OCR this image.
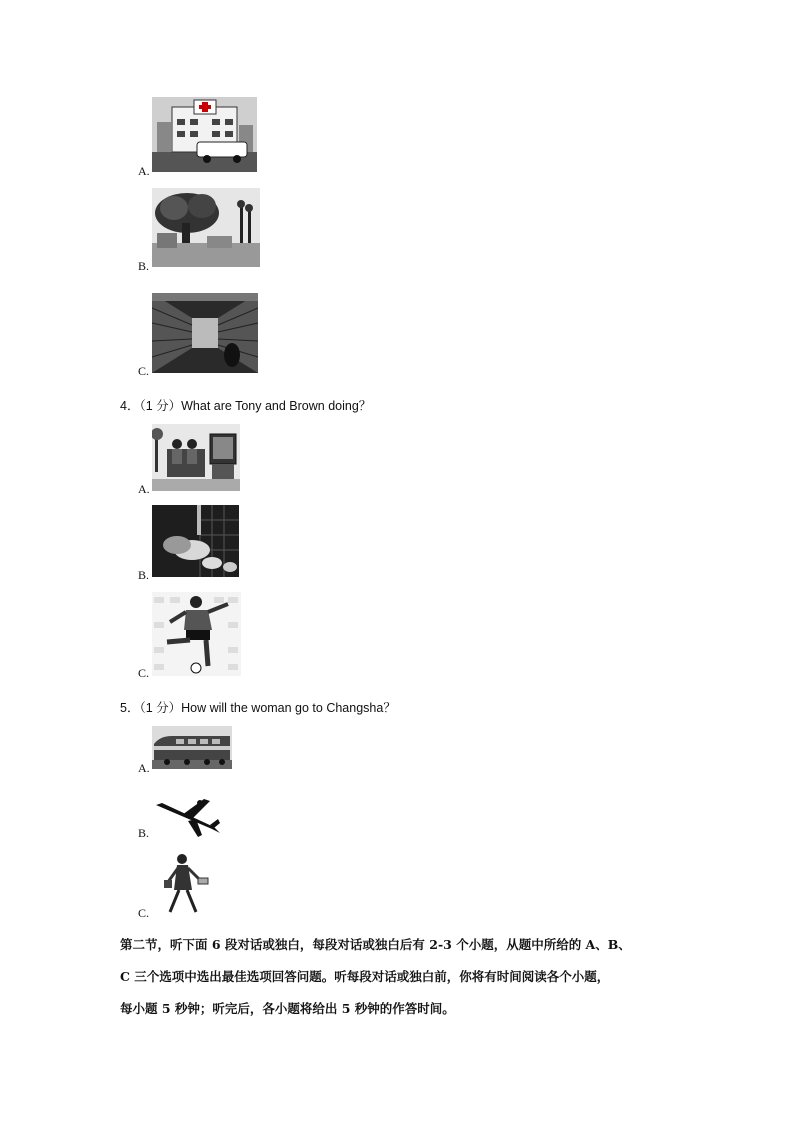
A.
B.
C.
4．（1 分）What are Tony and Brown doing？
A.
B.
C.
5．（1 分）How will the woman go to Changsha？
A.
B.
C.

第二节，听下面 6 段对话或独白，每段对话或独白后有 2-3 个小题，从题中所给的 A、B、

C 三个选项中选出最佳选项回答问题。听每段对话或独白前，你将有时间阅读各个小题，

每小题 5 秒钟；听完后，各小题将给出 5 秒钟的作答时间。
